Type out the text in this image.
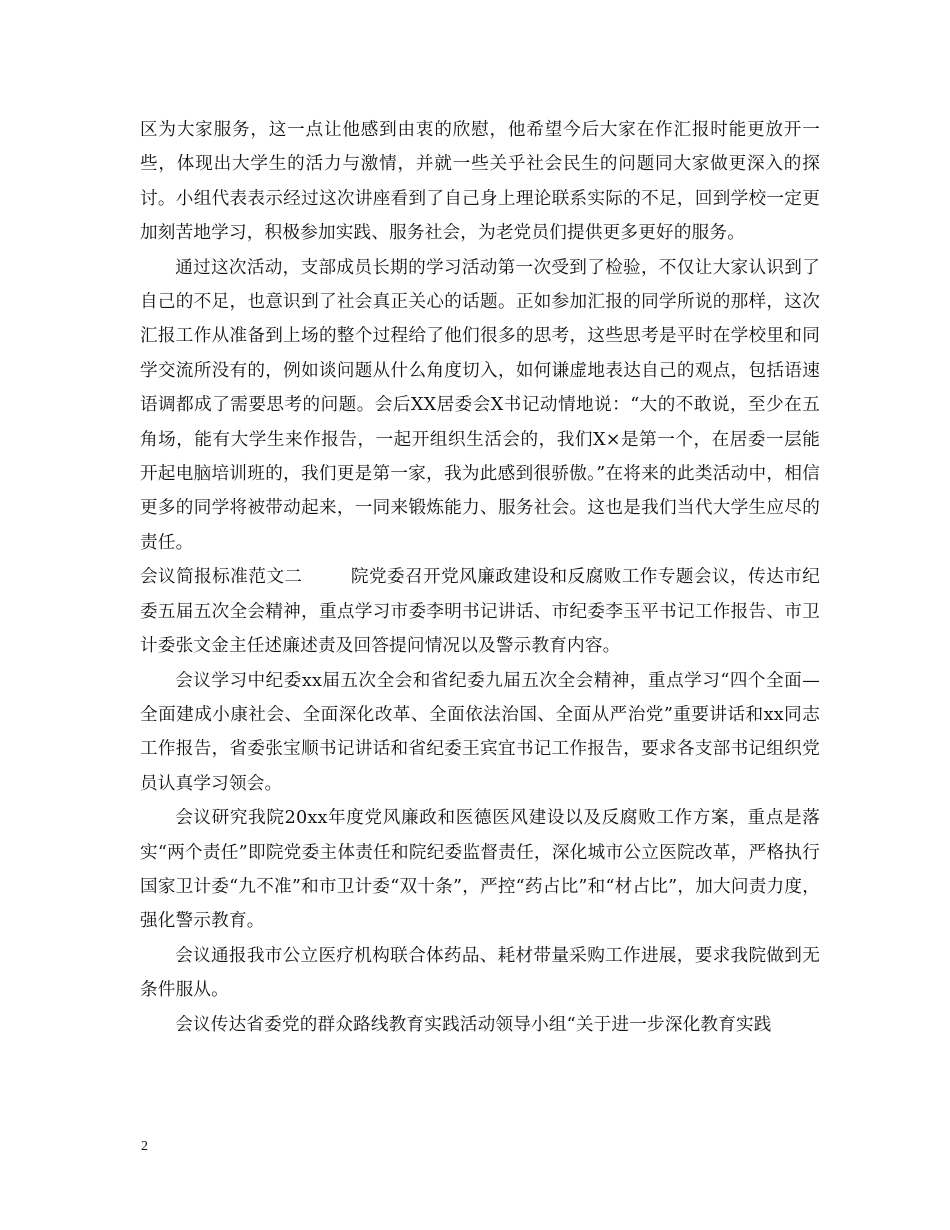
区为大家服务，这一点让他感到由衷的欣慰，他希望今后大家在作汇报时能更放开一些，体现出大学生的活力与激情，并就一些关乎社会民生的问题同大家做更深入的探讨。小组代表表示经过这次讲座看到了自己身上理论联系实际的不足，回到学校一定更加刻苦地学习，积极参加实践、服务社会，为老党员们提供更多更好的服务。

通过这次活动，支部成员长期的学习活动第一次受到了检验，不仅让大家认识到了自己的不足，也意识到了社会真正关心的话题。正如参加汇报的同学所说的那样，这次汇报工作从准备到上场的整个过程给了他们很多的思考，这些思考是平时在学校里和同学交流所没有的，例如谈问题从什么角度切入，如何谦虚地表达自己的观点，包括语速语调都成了需要思考的问题。会后XX居委会X书记动情地说：“大的不敢说，至少在五角场，能有大学生来作报告，一起开组织生活会的，我们X×是第一个，在居委一层能开起电脑培训班的，我们更是第一家，我为此感到很骄傲。”在将来的此类活动中，相信更多的同学将被带动起来，一同来锻炼能力、服务社会。这也是我们当代大学生应尽的责任。

会议简报标准范文二	院党委召开党风廉政建设和反腐败工作专题会议，传达市纪委五届五次全会精神，重点学习市委李明书记讲话、市纪委李玉平书记工作报告、市卫计委张文金主任述廉述责及回答提问情况以及警示教育内容。

会议学习中纪委xx届五次全会和省纪委九届五次全会精神，重点学习“四个全面—全面建成小康社会、全面深化改革、全面依法治国、全面从严治党”重要讲话和xx同志工作报告，省委张宝顺书记讲话和省纪委王宾宜书记工作报告，要求各支部书记组织党员认真学习领会。

会议研究我院20xx年度党风廉政和医德医风建设以及反腐败工作方案，重点是落实“两个责任”即院党委主体责任和院纪委监督责任，深化城市公立医院改革，严格执行国家卫计委“九不准”和市卫计委“双十条”，严控“药占比”和“材占比”，加大问责力度，强化警示教育。

会议通报我市公立医疗机构联合体药品、耗材带量采购工作进展，要求我院做到无条件服从。

会议传达省委党的群众路线教育实践活动领导小组“关于进一步深化教育实践

2
